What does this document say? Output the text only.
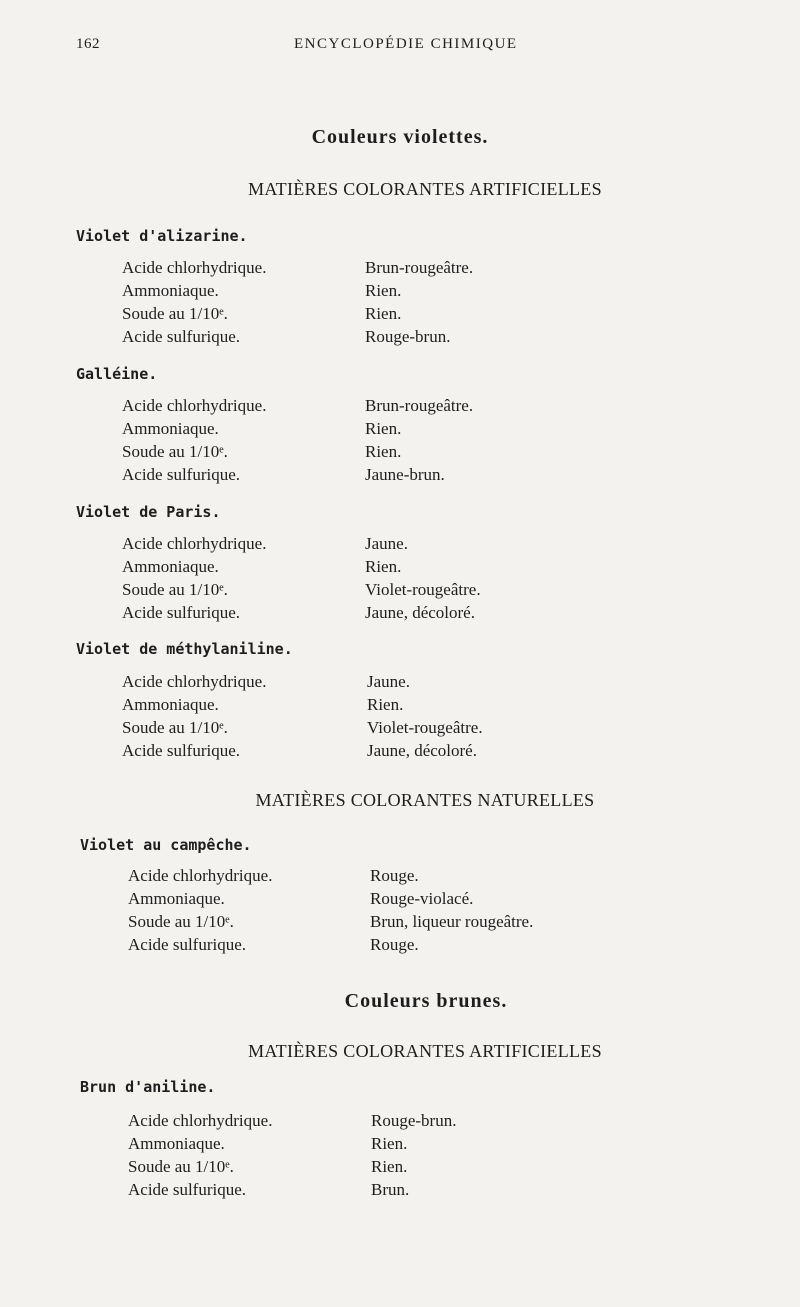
162	ENCYCLOPÉDIE CHIMIQUE
Couleurs violettes.
MATIÈRES COLORANTES ARTIFICIELLES
Violet d'alizarine.
Acide chlorhydrique.	Brun-rougeâtre.
Ammoniaque.	Rien.
Soude au 1/10ᵉ.	Rien.
Acide sulfurique.	Rouge-brun.
Galléine.
Acide chlorhydrique.	Brun-rougeâtre.
Ammoniaque.	Rien.
Soude au 1/10ᵉ.	Rien.
Acide sulfurique.	Jaune-brun.
Violet de Paris.
Acide chlorhydrique.	Jaune.
Ammoniaque.	Rien.
Soude au 1/10ᵉ.	Violet-rougeâtre.
Acide sulfurique.	Jaune, décoloré.
Violet de méthylaniline.
Acide chlorhydrique.	Jaune.
Ammoniaque.	Rien.
Soude au 1/10ᵉ.	Violet-rougeâtre.
Acide sulfurique.	Jaune, décoloré.
MATIÈRES COLORANTES NATURELLES
Violet au campêche.
Acide chlorhydrique.	Rouge.
Ammoniaque.	Rouge-violacé.
Soude au 1/10ᵉ.	Brun, liqueur rougeâtre.
Acide sulfurique.	Rouge.
Couleurs brunes.
MATIÈRES COLORANTES ARTIFICIELLES
Brun d'aniline.
Acide chlorhydrique.	Rouge-brun.
Ammoniaque.	Rien.
Soude au 1/10ᵉ.	Rien.
Acide sulfurique.	Brun.
